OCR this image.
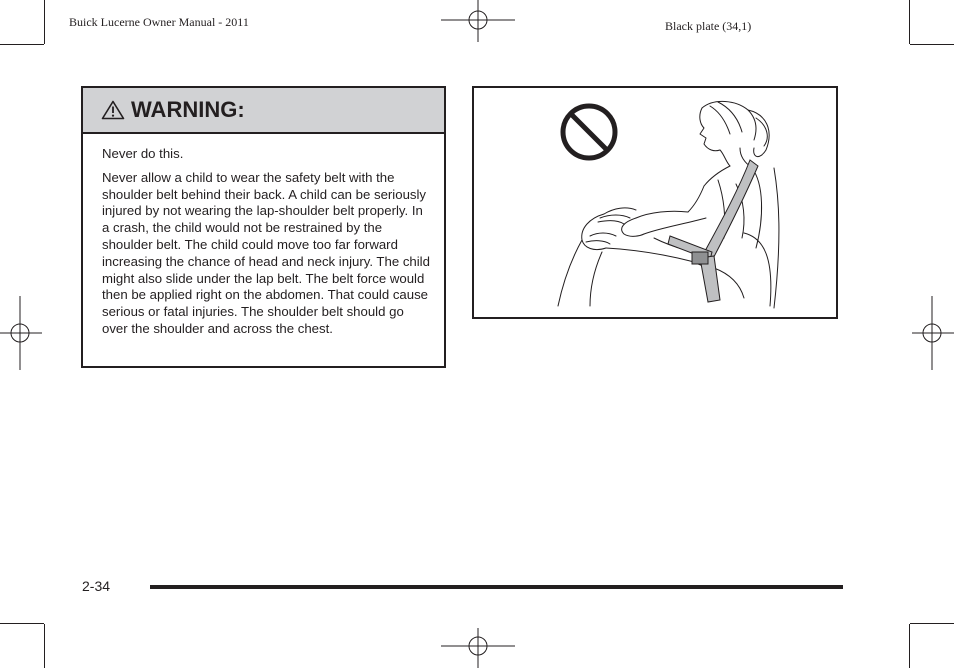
Buick Lucerne Owner Manual - 2011	Black plate (34,1)
WARNING:

Never do this.

Never allow a child to wear the safety belt with the shoulder belt behind their back. A child can be seriously injured by not wearing the lap-shoulder belt properly. In a crash, the child would not be restrained by the shoulder belt. The child could move too far forward increasing the chance of head and neck injury. The child might also slide under the lap belt. The belt force would then be applied right on the abdomen. That could cause serious or fatal injuries. The shoulder belt should go over the shoulder and across the chest.

2-34
